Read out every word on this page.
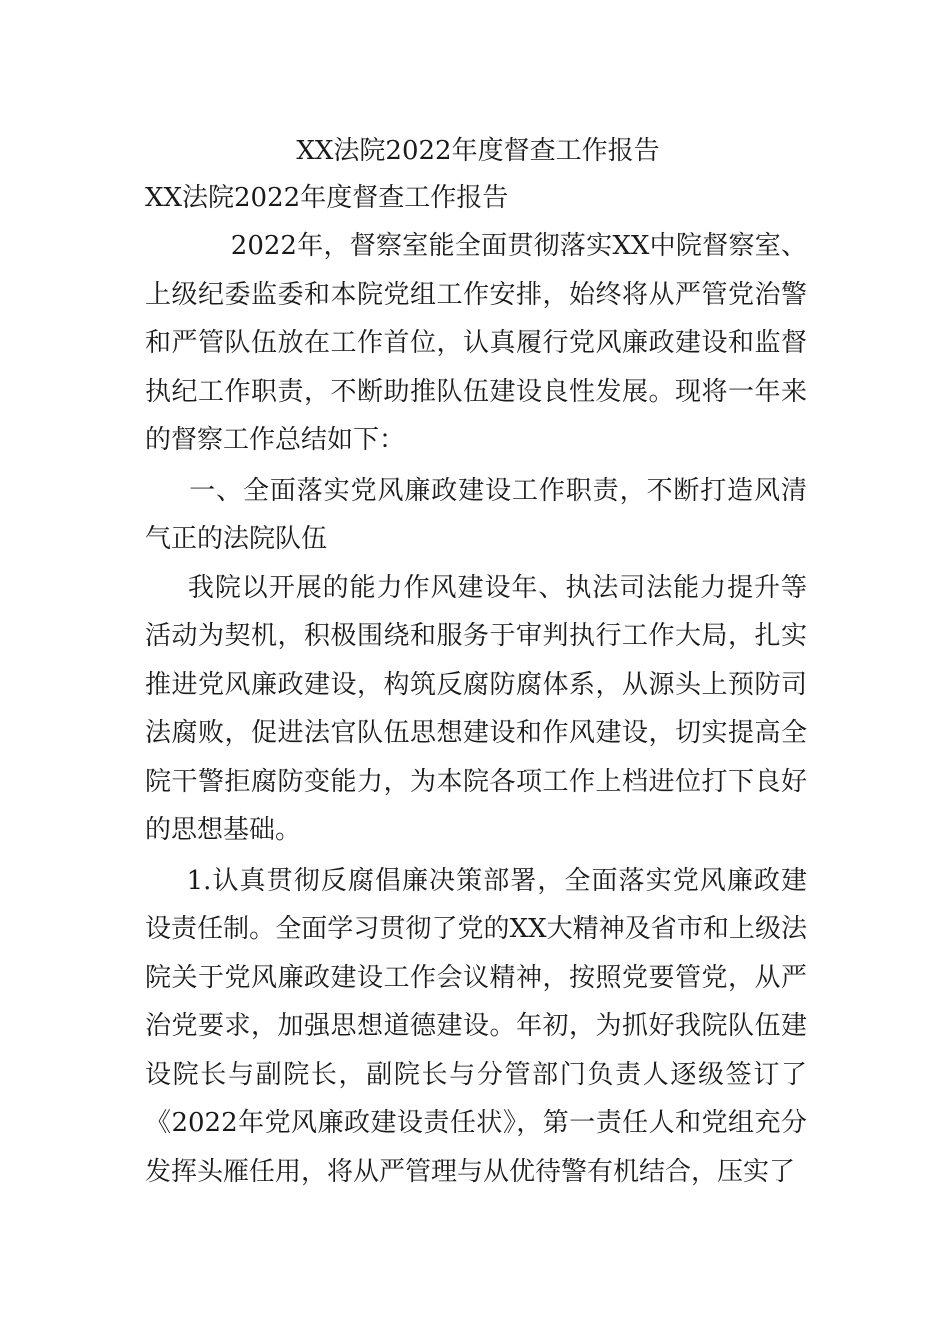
XX法院2022年度督查工作报告
XX法院2022年度督查工作报告

2022年，督察室能全面贯彻落实XX中院督察室、上级纪委监委和本院党组工作安排，始终将从严管党治警和严管队伍放在工作首位，认真履行党风廉政建设和监督执纪工作职责，不断助推队伍建设良性发展。现将一年来的督察工作总结如下：

一、全面落实党风廉政建设工作职责，不断打造风清气正的法院队伍

我院以开展的能力作风建设年、执法司法能力提升等活动为契机，积极围绕和服务于审判执行工作大局，扎实推进党风廉政建设，构筑反腐防腐体系，从源头上预防司法腐败，促进法官队伍思想建设和作风建设，切实提高全院干警拒腐防变能力，为本院各项工作上档进位打下良好的思想基础。

1.认真贯彻反腐倡廉决策部署，全面落实党风廉政建设责任制。全面学习贯彻了党的XX大精神及省市和上级法院关于党风廉政建设工作会议精神，按照党要管党，从严治党要求，加强思想道德建设。年初，为抓好我院队伍建设院长与副院长，副院长与分管部门负责人逐级签订了《2022年党风廉政建设责任状》，第一责任人和党组充分发挥头雁任用，将从严管理与从优待警有机结合，压实了
